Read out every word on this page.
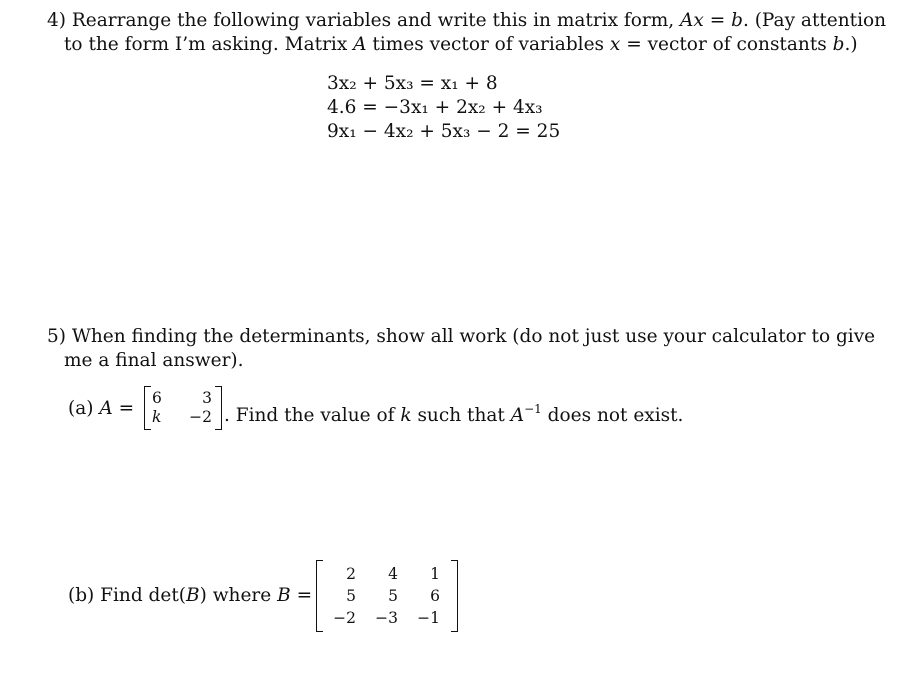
4) Rearrange the following variables and write this in matrix form, Ax = b. (Pay attention
to the form I’m asking. Matrix A times vector of variables x = vector of constants b.)
3x₂ + 5x₃ = x₁ + 8
4.6 = −3x₁ + 2x₂ + 4x₃
9x₁ − 4x₂ + 5x₃ − 2 = 25
5) When finding the determinants, show all work (do not just use your calculator to give
me a final answer).
(a) A = 6	3
k	−2 . Find the value of k such that $A^{-1}$ does not exist.
(b) Find det(B) where B =
2	4	1
5	5	6
−2 −3 −1
